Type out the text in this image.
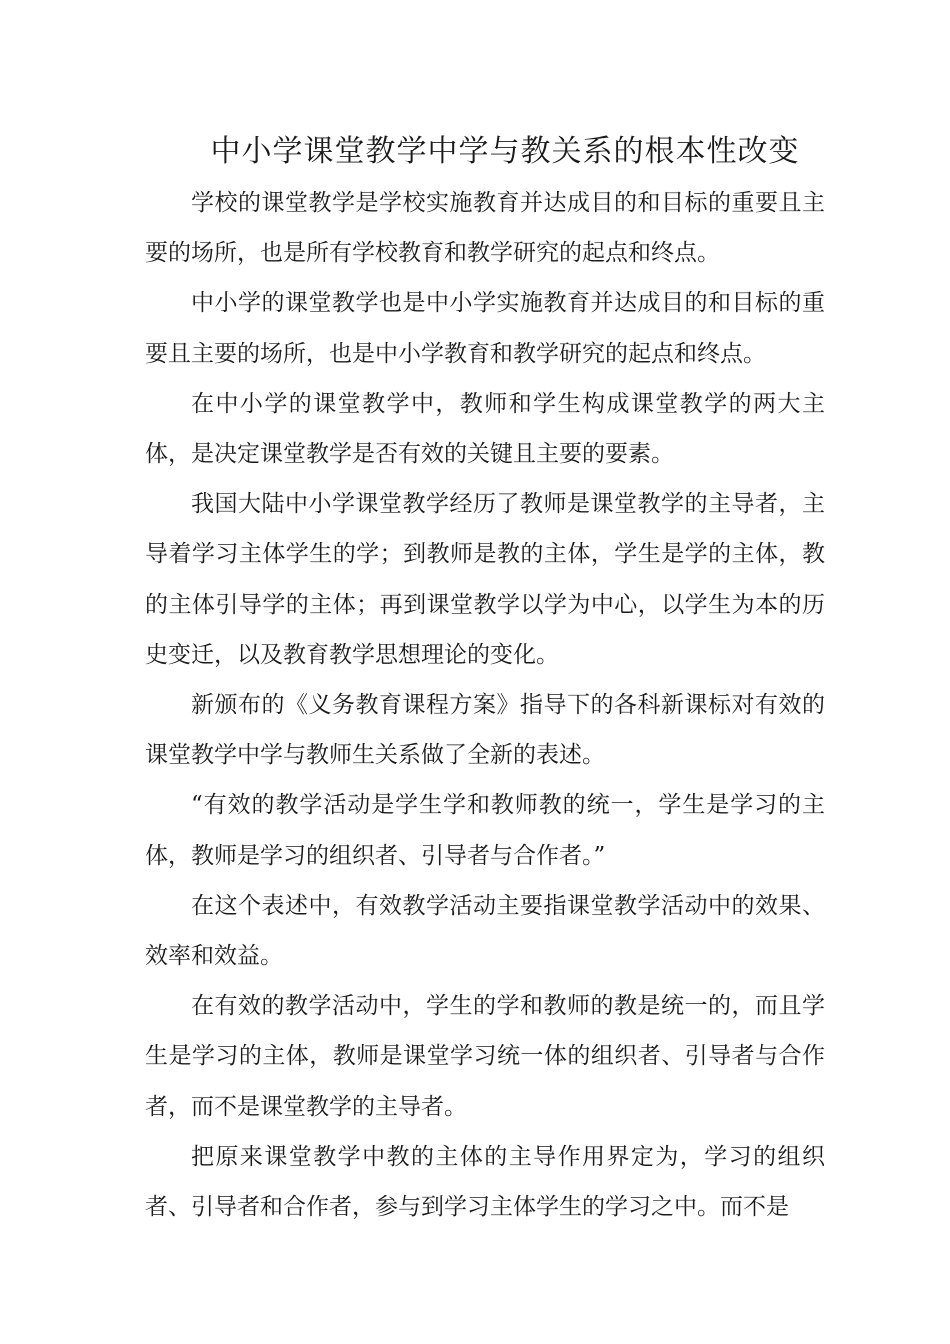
中小学课堂教学中学与教关系的根本性改变

学校的课堂教学是学校实施教育并达成目的和目标的重要且主要的场所，也是所有学校教育和教学研究的起点和终点。

中小学的课堂教学也是中小学实施教育并达成目的和目标的重要且主要的场所，也是中小学教育和教学研究的起点和终点。

在中小学的课堂教学中，教师和学生构成课堂教学的两大主体，是决定课堂教学是否有效的关键且主要的要素。

我国大陆中小学课堂教学经历了教师是课堂教学的主导者，主导着学习主体学生的学；到教师是教的主体，学生是学的主体，教的主体引导学的主体；再到课堂教学以学为中心，以学生为本的历史变迁，以及教育教学思想理论的变化。

新颁布的《义务教育课程方案》指导下的各科新课标对有效的课堂教学中学与教师生关系做了全新的表述。

“有效的教学活动是学生学和教师教的统一，学生是学习的主体，教师是学习的组织者、引导者与合作者。”

在这个表述中，有效教学活动主要指课堂教学活动中的效果、效率和效益。

在有效的教学活动中，学生的学和教师的教是统一的，而且学生是学习的主体，教师是课堂学习统一体的组织者、引导者与合作者，而不是课堂教学的主导者。

把原来课堂教学中教的主体的主导作用界定为，学习的组织者、引导者和合作者，参与到学习主体学生的学习之中。而不是
